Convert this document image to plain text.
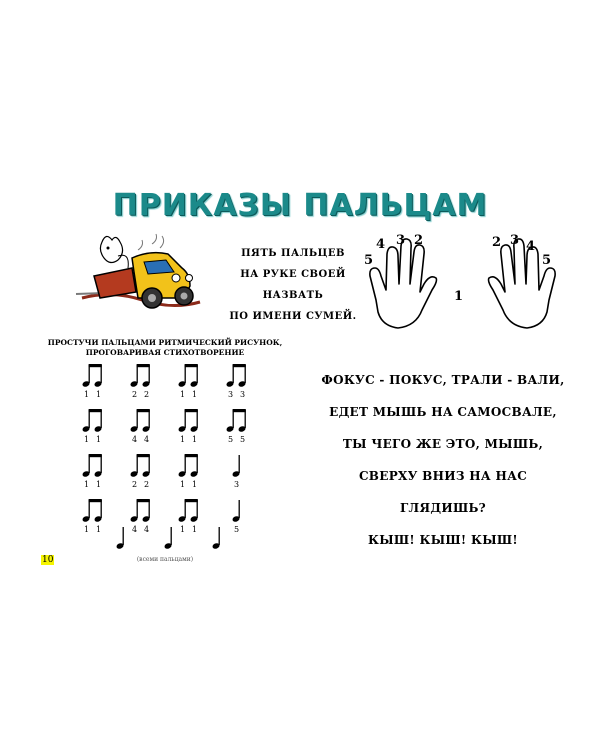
ПРИКАЗЫ ПАЛЬЦАМ
ПЯТЬ ПАЛЬЦЕВ
НА РУКЕ СВОЕЙ
НАЗВАТЬ
ПО ИМЕНИ СУМЕЙ.
5
4 3 2	2 3 4
5
1
ПРОСТУЧИ ПАЛЬЦАМИ РИТМИЧЕСКИЙ РИСУНОК,
ПРОГОВАРИВАЯ СТИХОТВОРЕНИЕ
1 1	2 2	1 1	3 3
1 1	4 4	1 1	5 5
1 1	2 2	1 1	3
1 1	4 4	1 1	5
(всеми пальцами)
10
ФОКУС - ПОКУС, ТРАЛИ - ВАЛИ,
ЕДЕТ МЫШЬ НА САМОСВАЛЕ,
ТЫ ЧЕГО ЖЕ ЭТО, МЫШЬ,
СВЕРХУ ВНИЗ НА НАС
ГЛЯДИШЬ?
КЫШ! КЫШ! КЫШ!
